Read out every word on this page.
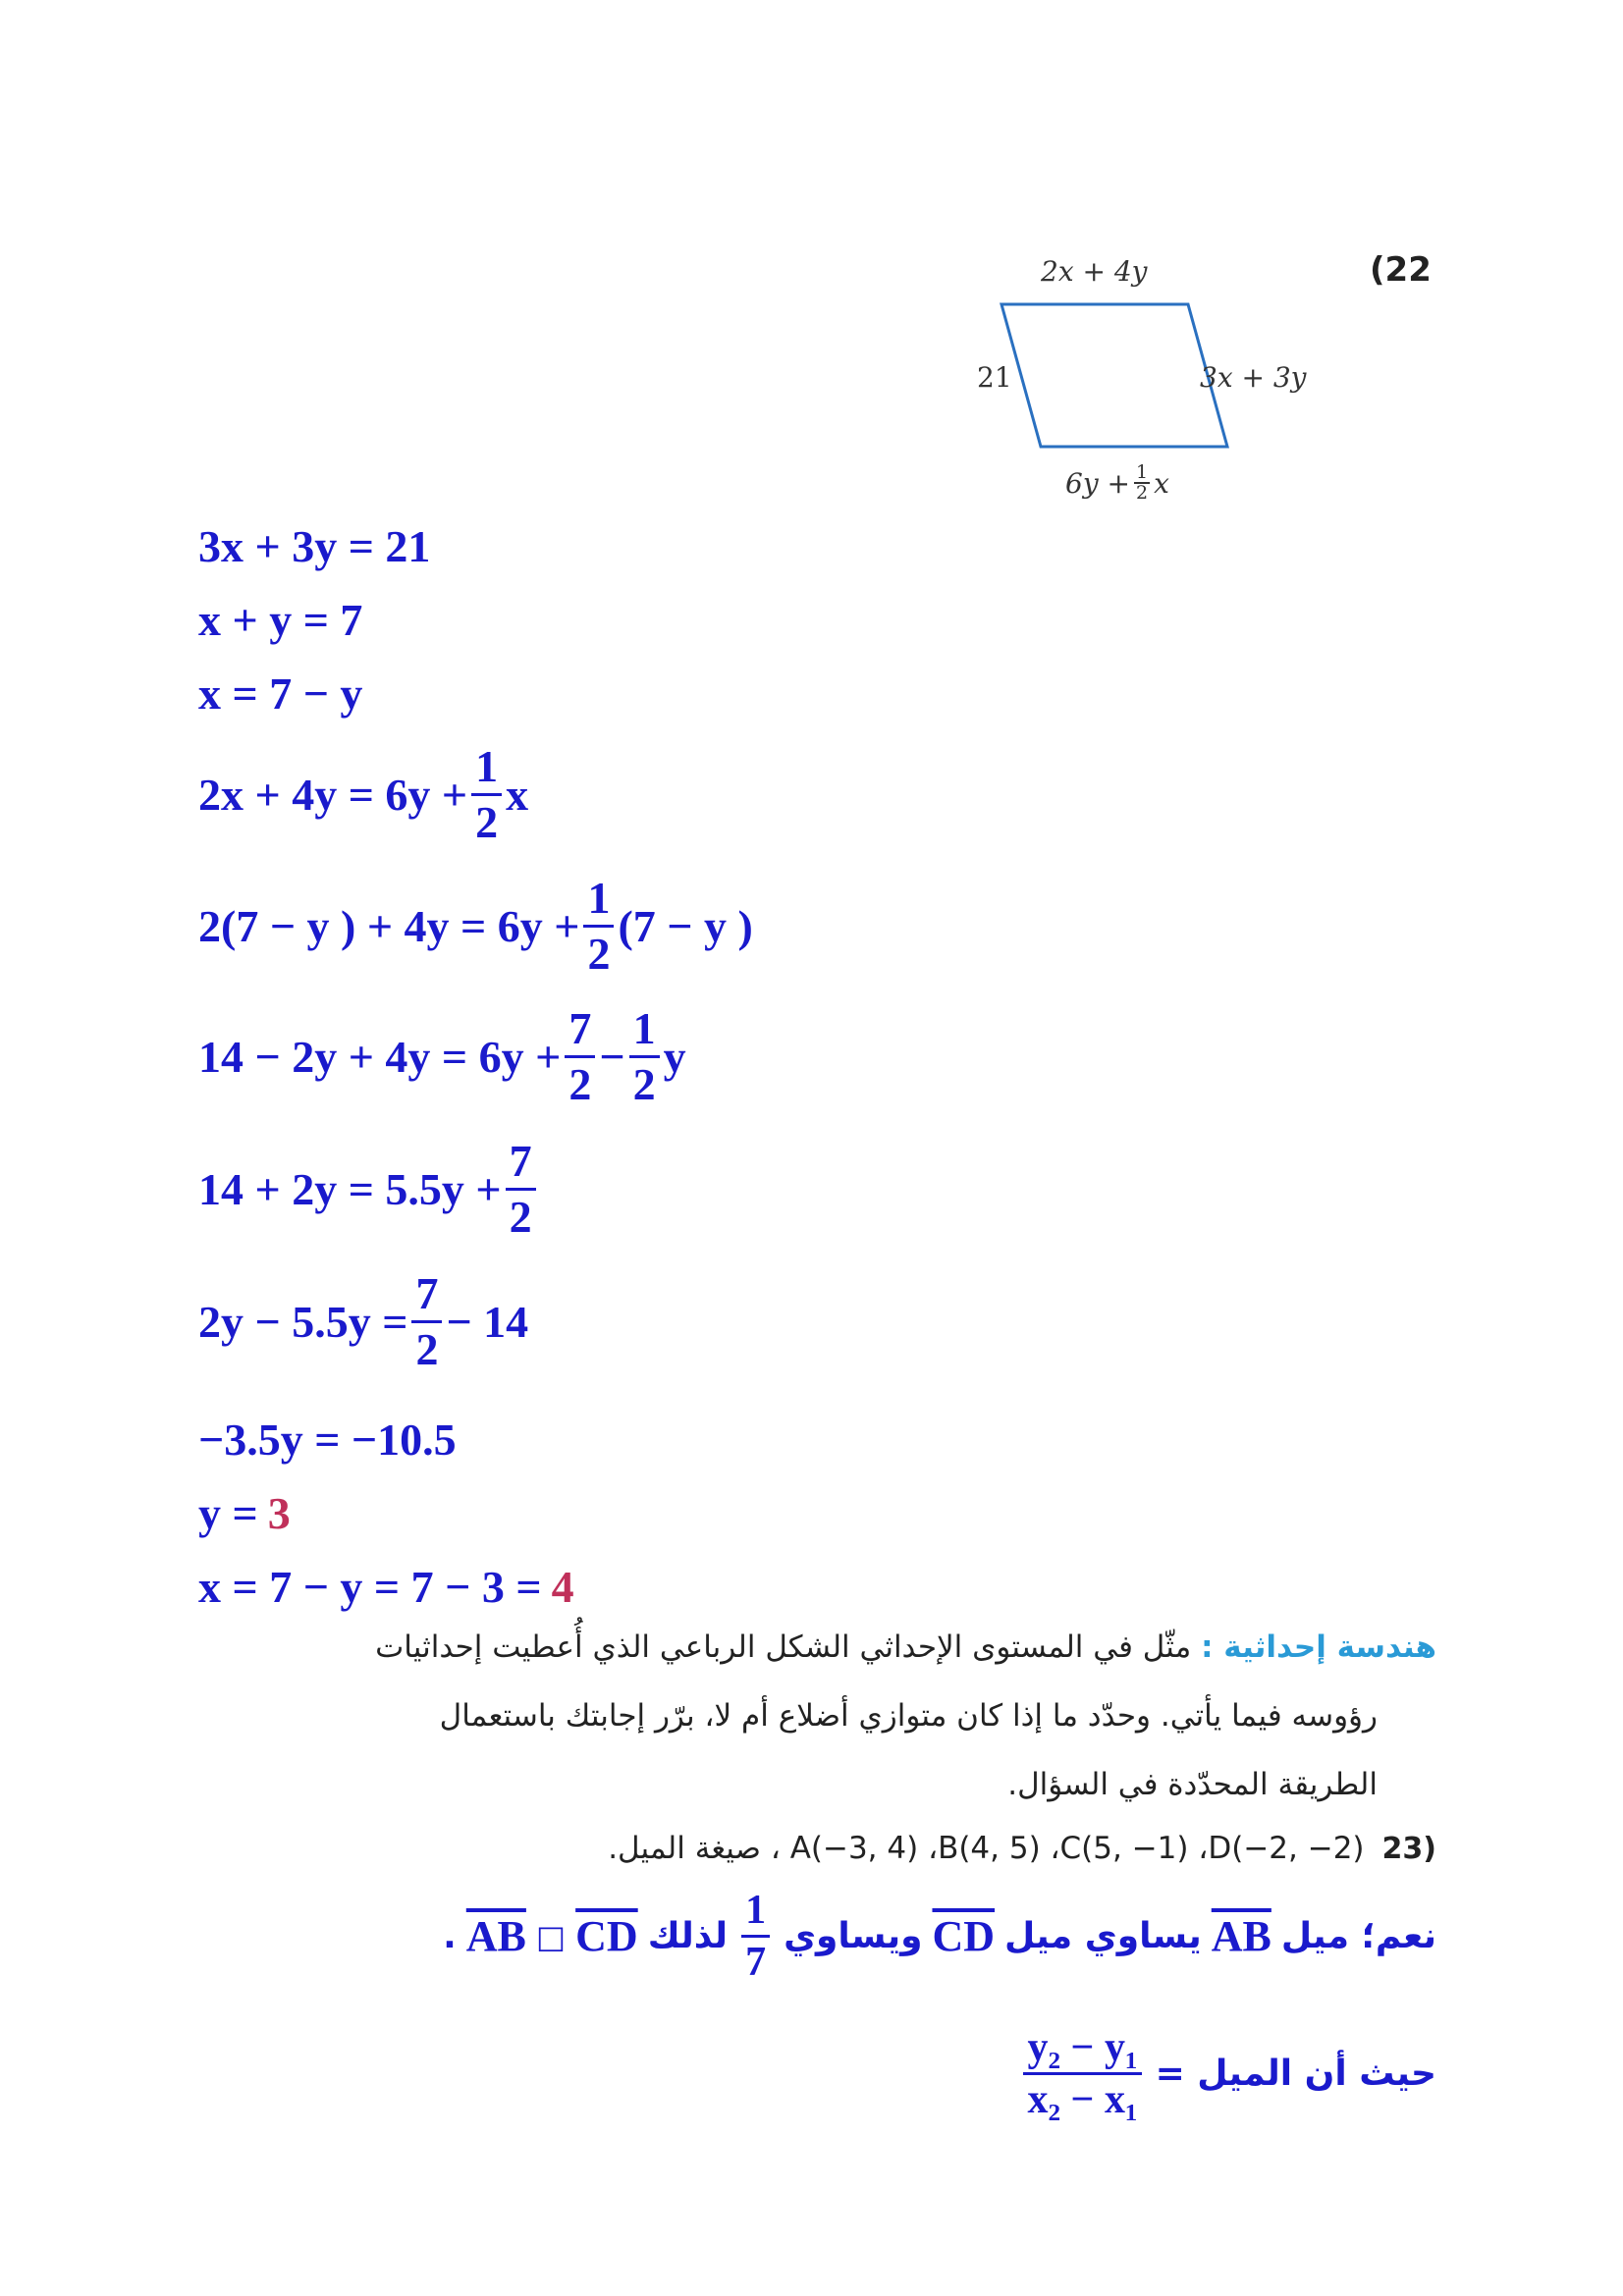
2x + 4y
21	3x + 3y
$6y + \frac{1}{2}$ x
(22
3x + 3y = 21
x + y = 7
x = 7 − y
$2x + 4y = 6y + \frac{1}{2}$ x
2(7 − y ) + $4y = 6y + \frac{1}{2} (7 - y$ )
$14 - 2y + 4y = 6y + \frac{7}{2} - \frac{1}{2}$ y
$14 + 2y = 5.5y + \frac{7}{2}$
$2y - 5.5y = \frac{7}{2} - 14$
−3.5y = −10.5
y = 3
x = 7 − y = 7 − 3 = 4
هندسة إحداثية : مثّل في المستوى الإحداثي الشكل الرباعي الذي أُعطيت إحداثيات
رؤوسه فيما يأتي. وحدّد ما إذا كان متوازي أضلاع أم لا، برّر إجابتك باستعمال
الطريقة المحدّدة في السؤال.
(23
A(−3, 4) ،B(4, 5) ،C(5, −1) ،D(−2, −2) ، صيغة الميل.
نعم؛ ميل
AB
يساوي ميل
CD
ويساوي
$\frac{1}{7}$
لذلك
CD
□
AB
.
حيث أن الميل =
$\frac{\text{y₂ − y₁}}{\text{x₂ − x₁}}$
